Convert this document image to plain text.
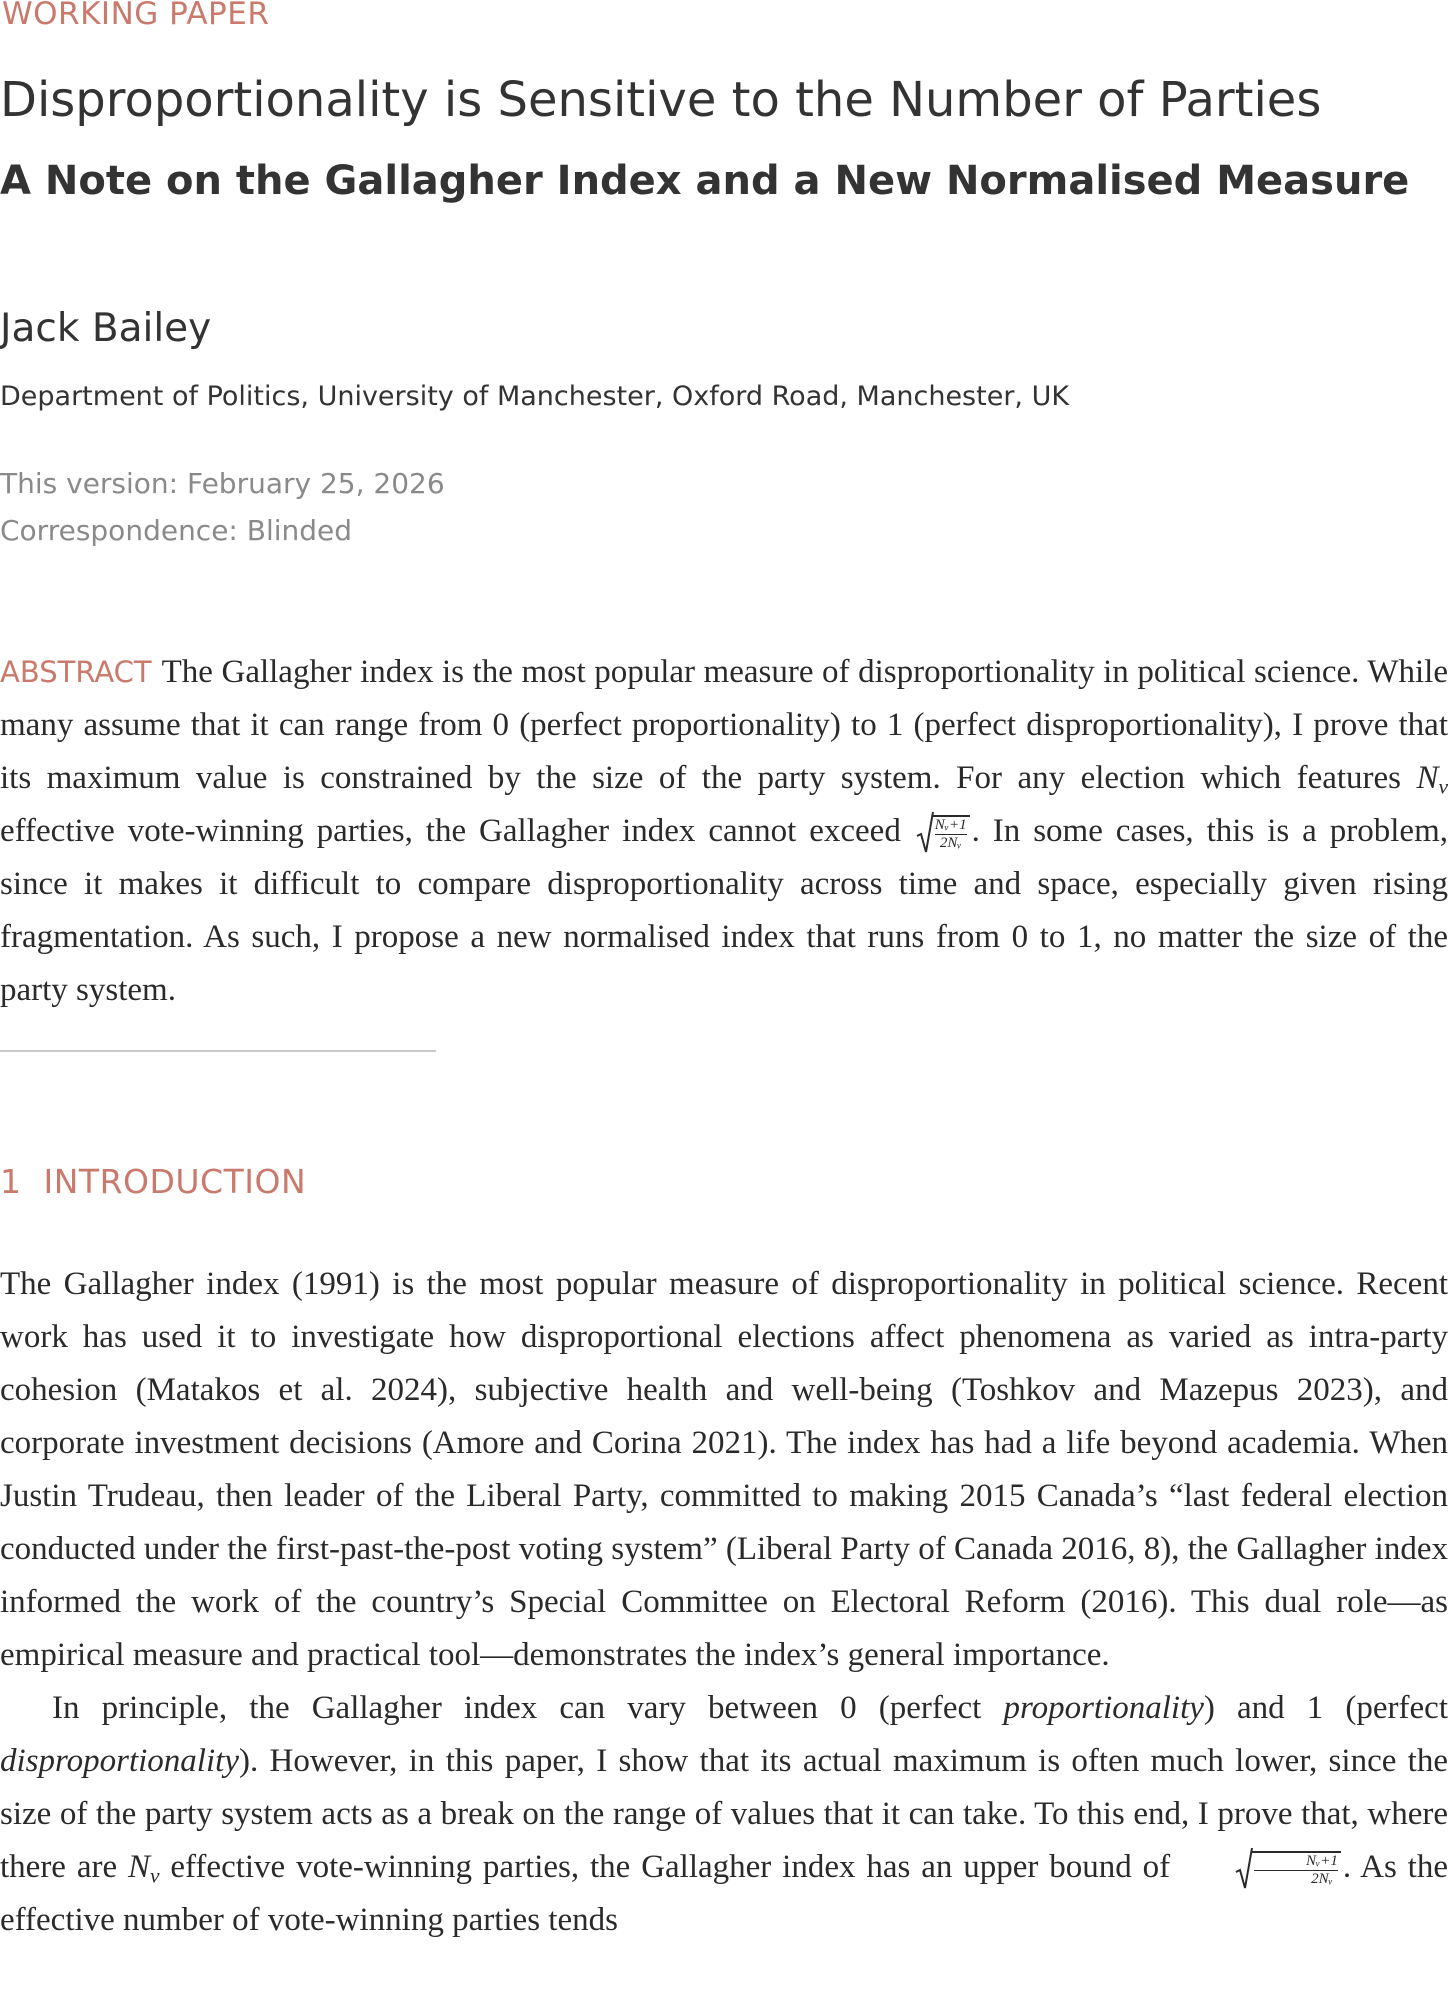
WORKING PAPER
Disproportionality is Sensitive to the Number of Parties
A Note on the Gallagher Index and a New Normalised Measure
Jack Bailey
Department of Politics, University of Manchester, Oxford Road, Manchester, UK
This version: February 25, 2026
Correspondence: Blinded

ABSTRACT The Gallagher index is the most popular measure of disproportionality in political science. While many assume that it can range from 0 (perfect proportionality) to 1 (perfect disproportionality), I prove that its maximum value is constrained by the size of the party system. For any election which features $N_v$ effective vote-winning parties, the Gallagher index cannot exceed $\frac{\text{Nᵥ+1}}{\text{2Nᵥ}}$ . In some cases, this is a problem, since it makes it difficult to compare disproportionality across time and space, especially given rising fragmentation. As such, I propose a new normalised index that runs from 0 to 1, no matter the size of the party system.

1 INTRODUCTION

The Gallagher index (1991) is the most popular measure of disproportionality in political science. Recent work has used it to investigate how disproportional elections affect phenomena as varied as intra-party cohesion (Matakos et al. 2024), subjective health and well-being (Toshkov and Mazepus 2023), and corporate investment decisions (Amore and Corina 2021). The index has had a life beyond academia. When Justin Trudeau, then leader of the Liberal Party, committed to making 2015 Canada’s “last federal election conducted under the first-past-the-post voting system” (Liberal Party of Canada 2016, 8), the Gallagher index informed the work of the country’s Special Committee on Electoral Reform (2016). This dual role—as empirical measure and practical tool—demonstrates the index’s general importance.

In principle, the Gallagher index can vary between 0 (perfect proportionality) and 1 (perfect disproportionality). However, in this paper, I show that its actual maximum is often much lower, since the size of the party system acts as a break on the range of values that it can take. To this end, I prove that, where there are $N_v$ effective vote-winning parties, the Gallagher index has an upper bound of	$\frac{\text{Nᵥ+1}}{\text{2Nᵥ}}$ . As the effective number of vote-winning parties tends
